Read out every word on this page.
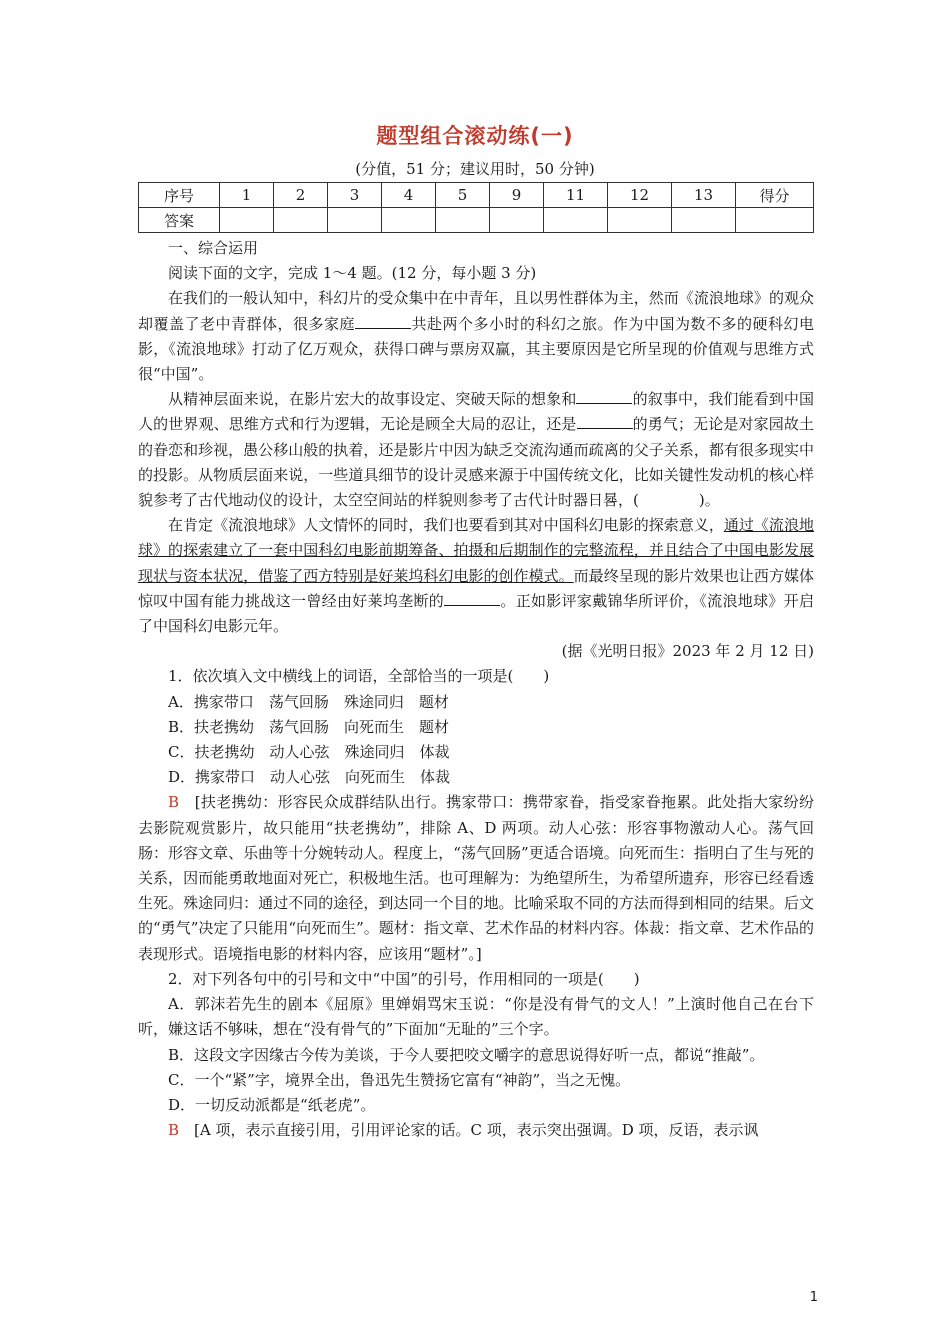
题型组合滚动练(一)
(分值，51 分；建议用时，50 分钟)
序号	1	2	3	4	5	9	11	12	13	得分
答案										

一、综合运用

阅读下面的文字，完成 1～4 题。(12 分，每小题 3 分)

在我们的一般认知中，科幻片的受众集中在中青年，且以男性群体为主，然而《流浪地球》的观众却覆盖了老中青群体，很多家庭	共赴两个多小时的科幻之旅。作为中国为数不多的硬科幻电影，《流浪地球》打动了亿万观众，获得口碑与票房双赢，其主要原因是它所呈现的价值观与思维方式很“中国”。

从精神层面来说，在影片宏大的故事设定、突破天际的想象和	的叙事中，我们能看到中国人的世界观、思维方式和行为逻辑，无论是顾全大局的忍让，还是	的勇气；无论是对家园故土的眷恋和珍视，愚公移山般的执着，还是影片中因为缺乏交流沟通而疏离的父子关系，都有很多现实中的投影。从物质层面来说，一些道具细节的设计灵感来源于中国传统文化，比如关键性发动机的核心样貌参考了古代地动仪的设计，太空空间站的样貌则参考了古代计时器日晷，(　　　　)。

在肯定《流浪地球》人文情怀的同时，我们也要看到其对中国科幻电影的探索意义，通过《流浪地球》的探索建立了一套中国科幻电影前期筹备、拍摄和后期制作的完整流程，并且结合了中国电影发展现状与资本状况，借鉴了西方特别是好莱坞科幻电影的创作模式。而最终呈现的影片效果也让西方媒体惊叹中国有能力挑战这一曾经由好莱坞垄断的	。正如影评家戴锦华所评价，《流浪地球》开启了中国科幻电影元年。

(据《光明日报》2023 年 2 月 12 日)

1．依次填入文中横线上的词语，全部恰当的一项是(　　)

A．携家带口　荡气回肠　殊途同归　题材

B．扶老携幼　荡气回肠　向死而生　题材

C．扶老携幼　动人心弦　殊途同归　体裁

D．携家带口　动人心弦　向死而生　体裁

B　 [扶老携幼：形容民众成群结队出行。携家带口：携带家眷，指受家眷拖累。此处指大家纷纷去影院观赏影片，故只能用“扶老携幼”，排除 A、D 两项。动人心弦：形容事物激动人心。荡气回肠：形容文章、乐曲等十分婉转动人。程度上，“荡气回肠”更适合语境。向死而生：指明白了生与死的关系，因而能勇敢地面对死亡，积极地生活。也可理解为：为绝望所生，为希望所遗弃，形容已经看透生死。殊途同归：通过不同的途径，到达同一个目的地。比喻采取不同的方法而得到相同的结果。后文的“勇气”决定了只能用“向死而生”。题材：指文章、艺术作品的材料内容。体裁：指文章、艺术作品的表现形式。语境指电影的材料内容，应该用“题材”。]

2．对下列各句中的引号和文中“中国”的引号，作用相同的一项是(　　)

A．郭沫若先生的剧本《屈原》里婵娟骂宋玉说：“你是没有骨气的文人！”上演时他自己在台下听，嫌这话不够味，想在“没有骨气的”下面加“无耻的”三个字。

B．这段文字因缘古今传为美谈，于今人要把咬文嚼字的意思说得好听一点，都说“推敲”。

C．一个“紧”字，境界全出，鲁迅先生赞扬它富有“神韵”，当之无愧。

D．一切反动派都是“纸老虎”。

B　 [A 项，表示直接引用，引用评论家的话。C 项，表示突出强调。D 项，反语，表示讽

1
